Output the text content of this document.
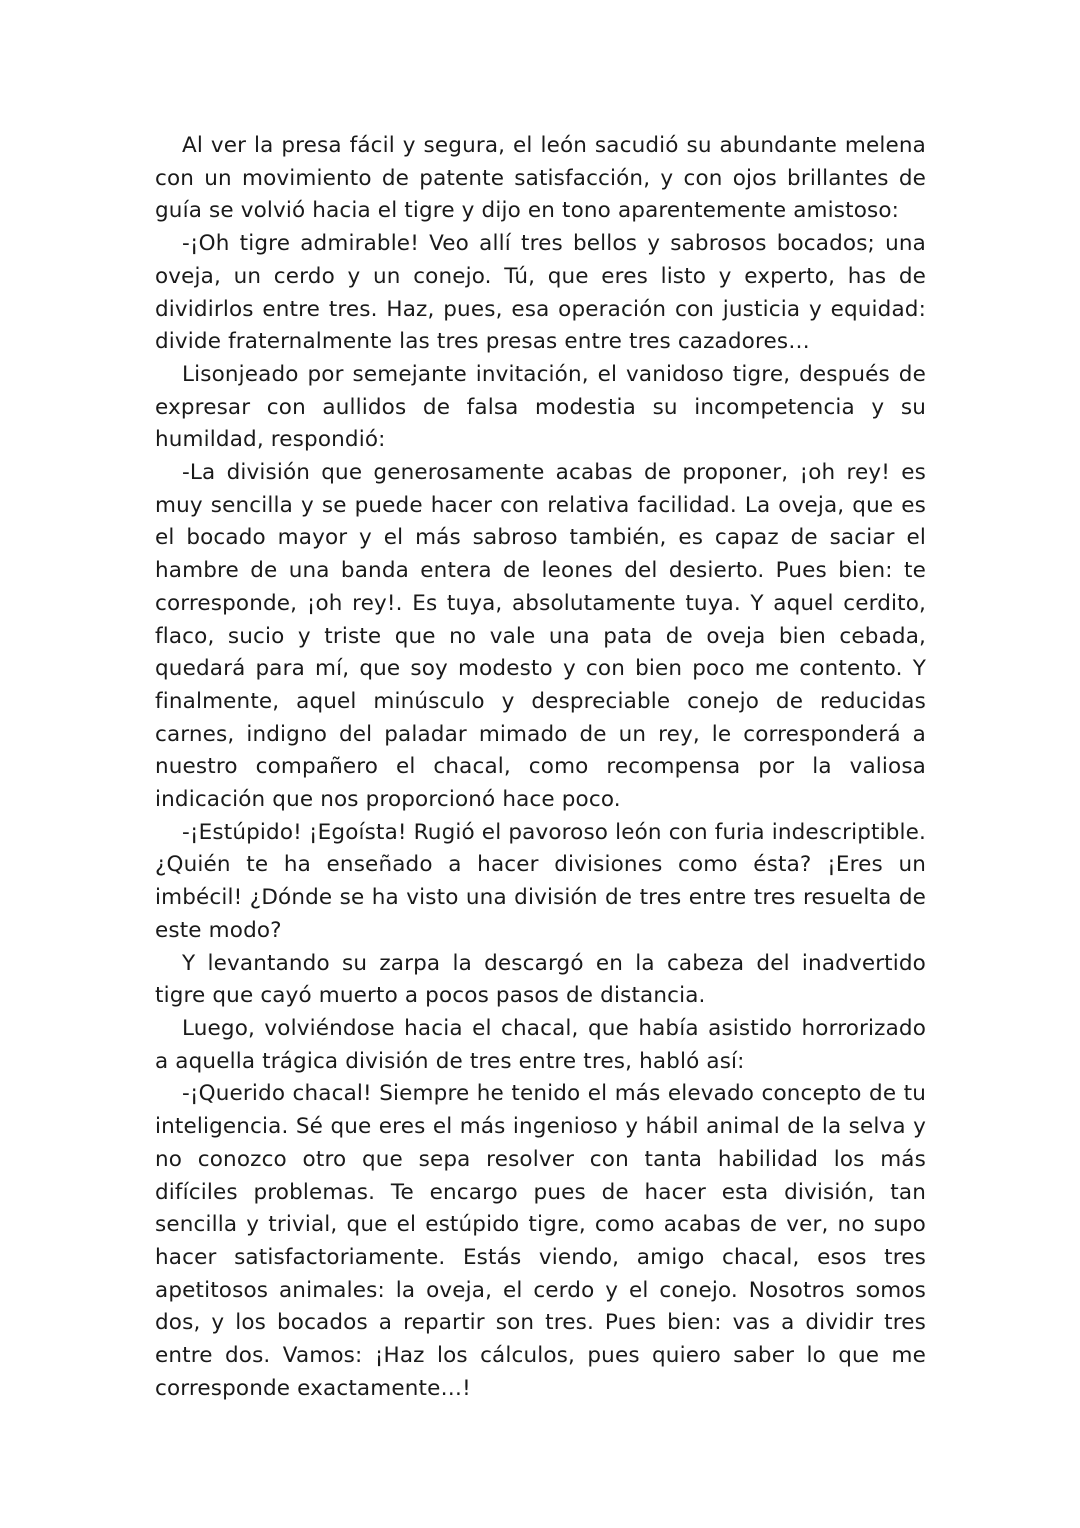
Al ver la presa fácil y segura, el león sacudió su abundante melena con un movimiento de patente satisfacción, y con ojos brillantes de guía se volvió hacia el tigre y dijo en tono aparentemente amistoso:

-¡Oh tigre admirable! Veo allí tres bellos y sabrosos bocados; una oveja, un cerdo y un conejo. Tú, que eres listo y experto, has de dividirlos entre tres. Haz, pues, esa operación con justicia y equidad: divide fraternalmente las tres presas entre tres cazadores…

Lisonjeado por semejante invitación, el vanidoso tigre, después de expresar con aullidos de falsa modestia su incompetencia y su humildad, respondió:

-La división que generosamente acabas de proponer, ¡oh rey! es muy sencilla y se puede hacer con relativa facilidad. La oveja, que es el bocado mayor y el más sabroso también, es capaz de saciar el hambre de una banda entera de leones del desierto. Pues bien: te corresponde, ¡oh rey!. Es tuya, absolutamente tuya. Y aquel cerdito, flaco, sucio y triste que no vale una pata de oveja bien cebada, quedará para mí, que soy modesto y con bien poco me contento. Y finalmente, aquel minúsculo y despreciable conejo de reducidas carnes, indigno del paladar mimado de un rey, le corresponderá a nuestro compañero el chacal, como recompensa por la valiosa indicación que nos proporcionó hace poco.

-¡Estúpido! ¡Egoísta! Rugió el pavoroso león con furia indescriptible. ¿Quién te ha enseñado a hacer divisiones como ésta? ¡Eres un imbécil! ¿Dónde se ha visto una división de tres entre tres resuelta de este modo?

Y levantando su zarpa la descargó en la cabeza del inadvertido tigre que cayó muerto a pocos pasos de distancia.

Luego, volviéndose hacia el chacal, que había asistido horrorizado a aquella trágica división de tres entre tres, habló así:

-¡Querido chacal! Siempre he tenido el más elevado concepto de tu inteligencia. Sé que eres el más ingenioso y hábil animal de la selva y no conozco otro que sepa resolver con tanta habilidad los más difíciles problemas. Te encargo pues de hacer esta división, tan sencilla y trivial, que el estúpido tigre, como acabas de ver, no supo hacer satisfactoriamente. Estás viendo, amigo chacal, esos tres apetitosos animales: la oveja, el cerdo y el conejo. Nosotros somos dos, y los bocados a repartir son tres. Pues bien: vas a dividir tres entre dos. Vamos: ¡Haz los cálculos, pues quiero saber lo que me corresponde exactamente…!
